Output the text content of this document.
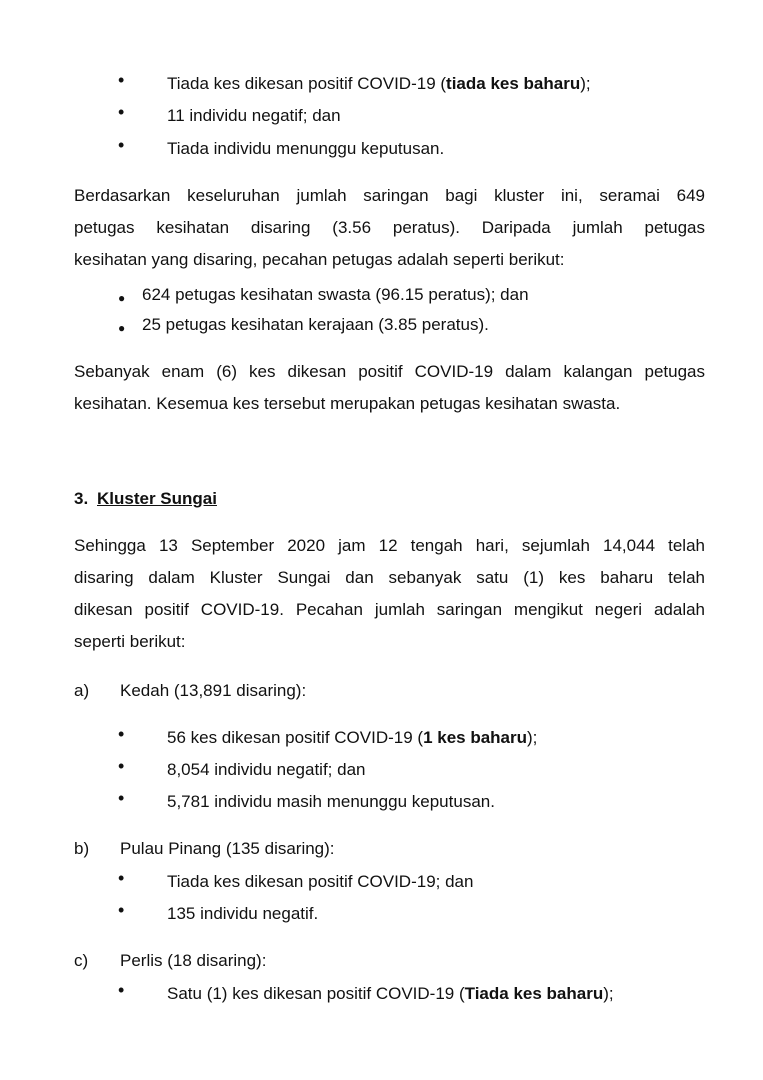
•	Tiada kes dikesan positif COVID-19 (tiada kes baharu);
•	11 individu negatif; dan
•	Tiada individu menunggu keputusan.
Berdasarkan keseluruhan jumlah saringan bagi kluster ini, seramai 649
petugas kesihatan disaring (3.56 peratus). Daripada jumlah petugas
kesihatan yang disaring, pecahan petugas adalah seperti berikut:
● 624 petugas kesihatan swasta (96.15 peratus); dan
● 25 petugas kesihatan kerajaan (3.85 peratus).
Sebanyak enam (6) kes dikesan positif COVID-19 dalam kalangan petugas
kesihatan. Kesemua kes tersebut merupakan petugas kesihatan swasta.
3. Kluster Sungai
Sehingga 13 September 2020 jam 12 tengah hari, sejumlah 14,044 telah
disaring dalam Kluster Sungai dan sebanyak satu (1) kes baharu telah
dikesan positif COVID-19. Pecahan jumlah saringan mengikut negeri adalah
seperti berikut:
a) Kedah (13,891 disaring):
•	56 kes dikesan positif COVID-19 (1 kes baharu);
•	8,054 individu negatif; dan
•	5,781 individu masih menunggu keputusan.
b) Pulau Pinang (135 disaring):
•	Tiada kes dikesan positif COVID-19; dan
•	135 individu negatif.
c) Perlis (18 disaring):
•	Satu (1) kes dikesan positif COVID-19 (Tiada kes baharu);
